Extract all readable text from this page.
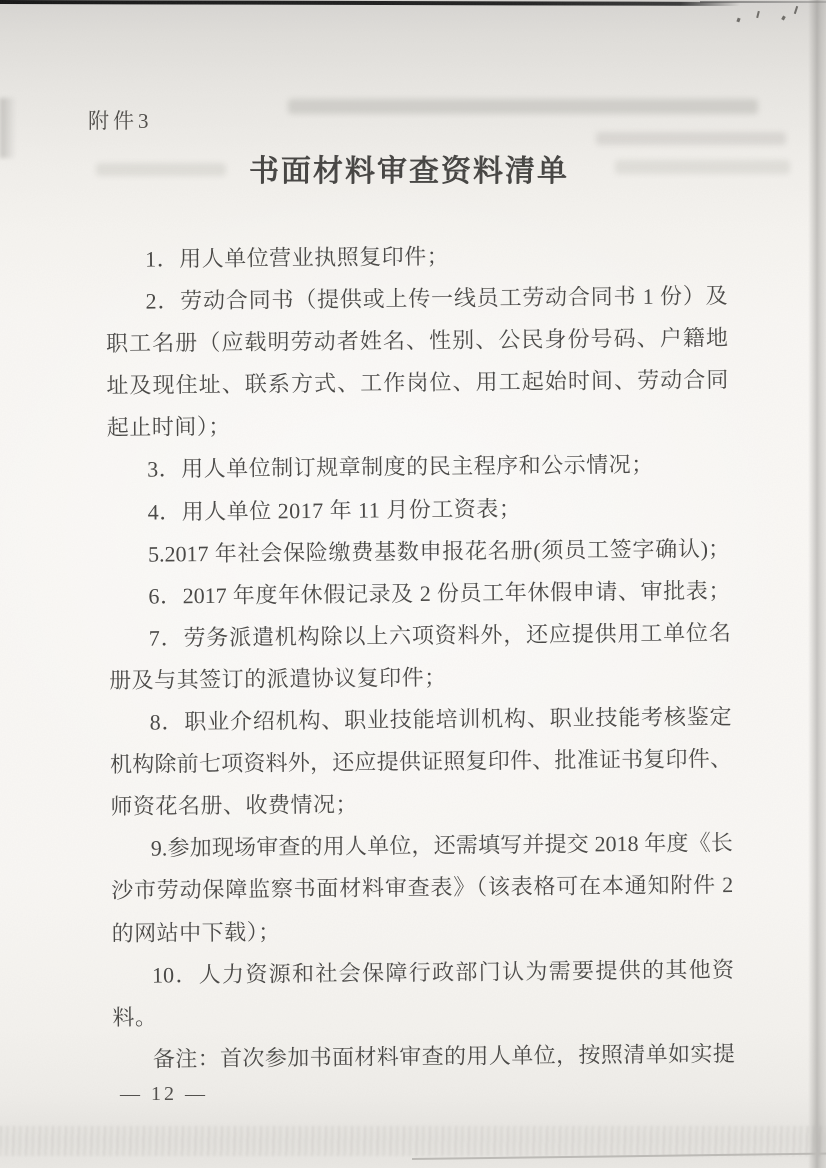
附件3
书面材料审查资料清单
1．用人单位营业执照复印件；
2．劳动合同书（提供或上传一线员工劳动合同书 1 份）及
职工名册（应载明劳动者姓名、性别、公民身份号码、户籍地
址及现住址、联系方式、工作岗位、用工起始时间、劳动合同
起止时间）；
3．用人单位制订规章制度的民主程序和公示情况；
4．用人单位 2017 年 11 月份工资表；
5.2017 年社会保险缴费基数申报花名册(须员工签字确认)；
6．2017 年度年休假记录及 2 份员工年休假申请、审批表；
7．劳务派遣机构除以上六项资料外，还应提供用工单位名
册及与其签订的派遣协议复印件；
8．职业介绍机构、职业技能培训机构、职业技能考核鉴定
机构除前七项资料外，还应提供证照复印件、批准证书复印件、
师资花名册、收费情况；
9.参加现场审查的用人单位，还需填写并提交 2018 年度《长
沙市劳动保障监察书面材料审查表》（该表格可在本通知附件 2
的网站中下载）；
10．人力资源和社会保障行政部门认为需要提供的其他资
料。
备注：首次参加书面材料审查的用人单位，按照清单如实提
— 12 —
